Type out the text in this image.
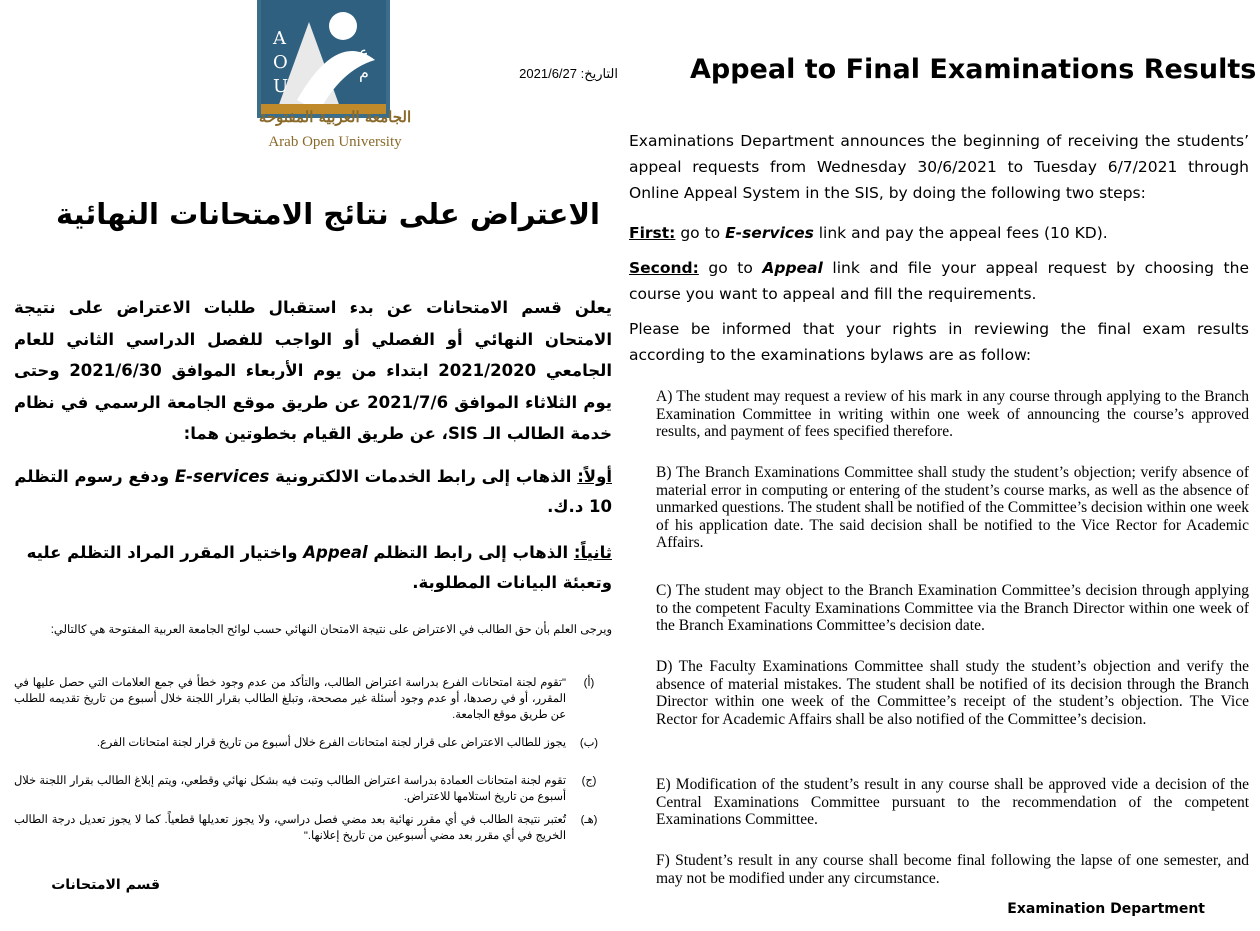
A
O
U
ع
م
الجامعة العربية المفتوحة
Arab Open University
التاريخ: 2021/6/27
الاعتراض على نتائج الامتحانات النهائية
يعلن قسم الامتحانات عن بدء استقبال طلبات الاعتراض على نتيجة الامتحان النهائي أو الفصلي أو الواجب للفصل الدراسي الثاني للعام الجامعي 2021/2020 ابتداء من يوم الأربعاء الموافق 2021/6/30 وحتى يوم الثلاثاء الموافق 2021/7/6 عن طريق موقع الجامعة الرسمي في نظام خدمة الطالب الـ SIS، عن طريق القيام بخطوتين هما:
أولاً: الذهاب إلى رابط الخدمات الالكترونية E-services ودفع رسوم التظلم 10 د.ك.
ثانياً: الذهاب إلى رابط التظلم Appeal واختيار المقرر المراد التظلم عليه وتعبئة البيانات المطلوبة.
ويرجى العلم بأن حق الطالب في الاعتراض على نتيجة الامتحان النهائي حسب لوائح الجامعة العربية المفتوحة هي كالتالي:
(أ)
"تقوم لجنة امتحانات الفرع بدراسة اعتراض الطالب، والتأكد من عدم وجود خطأ في جمع العلامات التي حصل عليها في المقرر، أو في رصدها، أو عدم وجود أسئلة غير مصححة، وتبلغ الطالب بقرار اللجنة خلال أسبوع من تاريخ تقديمه للطلب عن طريق موقع الجامعة.
(ب)
يجوز للطالب الاعتراض على قرار لجنة امتحانات الفرع خلال أسبوع من تاريخ قرار لجنة امتحانات الفرع.
(ج)
تقوم لجنة امتحانات العمادة بدراسة اعتراض الطالب وتبت فيه بشكل نهائي وقطعي، ويتم إبلاغ الطالب بقرار اللجنة خلال أسبوع من تاريخ استلامها للاعتراض.
(هـ)
تُعتبر نتيجة الطالب في أي مقرر نهائية بعد مضي فصل دراسي، ولا يجوز تعديلها قطعياً. كما لا يجوز تعديل درجة الطالب الخريج في أي مقرر بعد مضي أسبوعين من تاريخ إعلانها."
قسم الامتحانات
Appeal to Final Examinations Results
Examinations Department announces the beginning of receiving the students’ appeal requests from Wednesday 30/6/2021 to Tuesday 6/7/2021 through Online Appeal System in the SIS, by doing the following two steps:
First: go to E-services link and pay the appeal fees (10 KD).
Second: go to Appeal link and file your appeal request by choosing the course you want to appeal and fill the requirements.
Please be informed that your rights in reviewing the final exam results according to the examinations bylaws are as follow:
A) The student may request a review of his mark in any course through applying to the Branch Examination Committee in writing within one week of announcing the course’s approved results, and payment of fees specified therefore.
B) The Branch Examinations Committee shall study the student’s objection; verify absence of material error in computing or entering of the student’s course marks, as well as the absence of unmarked questions. The student shall be notified of the Committee’s decision within one week of his application date. The said decision shall be notified to the Vice Rector for Academic Affairs.
C) The student may object to the Branch Examination Committee’s decision through applying to the competent Faculty Examinations Committee via the Branch Director within one week of the Branch Examinations Committee’s decision date.
D) The Faculty Examinations Committee shall study the student’s objection and verify the absence of material mistakes. The student shall be notified of its decision through the Branch Director within one week of the Committee’s receipt of the student’s objection. The Vice Rector for Academic Affairs shall be also notified of the Committee’s decision.
E) Modification of the student’s result in any course shall be approved vide a decision of the Central Examinations Committee pursuant to the recommendation of the competent Examinations Committee.
F) Student’s result in any course shall become final following the lapse of one semester, and may not be modified under any circumstance.
Examination Department
